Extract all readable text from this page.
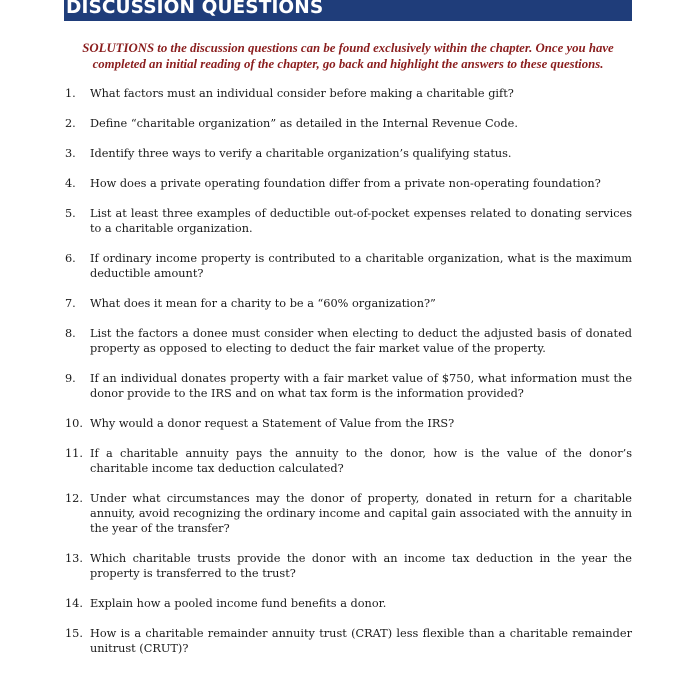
DISCUSSION QUESTIONS
SOLUTIONS to the discussion questions can be found exclusively within the chapter. Once you have completed an initial reading of the chapter, go back and highlight the answers to these questions.
1. What factors must an individual consider before making a charitable gift?
2. Define “charitable organization” as detailed in the Internal Revenue Code.
3. Identify three ways to verify a charitable organization’s qualifying status.
4. How does a private operating foundation differ from a private non-operating foundation?
5. List at least three examples of deductible out-of-pocket expenses related to donating services to a charitable organization.
6. If ordinary income property is contributed to a charitable organization, what is the maximum deductible amount?
7. What does it mean for a charity to be a “60% organization?”
8. List the factors a donee must consider when electing to deduct the adjusted basis of donated property as opposed to electing to deduct the fair market value of the property.
9. If an individual donates property with a fair market value of $750, what information must the donor provide to the IRS and on what tax form is the information provided?
10. Why would a donor request a Statement of Value from the IRS?
11. If a charitable annuity pays the annuity to the donor, how is the value of the donor’s charitable income tax deduction calculated?
12. Under what circumstances may the donor of property, donated in return for a charitable annuity, avoid recognizing the ordinary income and capital gain associated with the annuity in the year of the transfer?
13. Which charitable trusts provide the donor with an income tax deduction in the year the property is transferred to the trust?
14. Explain how a pooled income fund benefits a donor.
15. How is a charitable remainder annuity trust (CRAT) less flexible than a charitable remainder unitrust (CRUT)?
